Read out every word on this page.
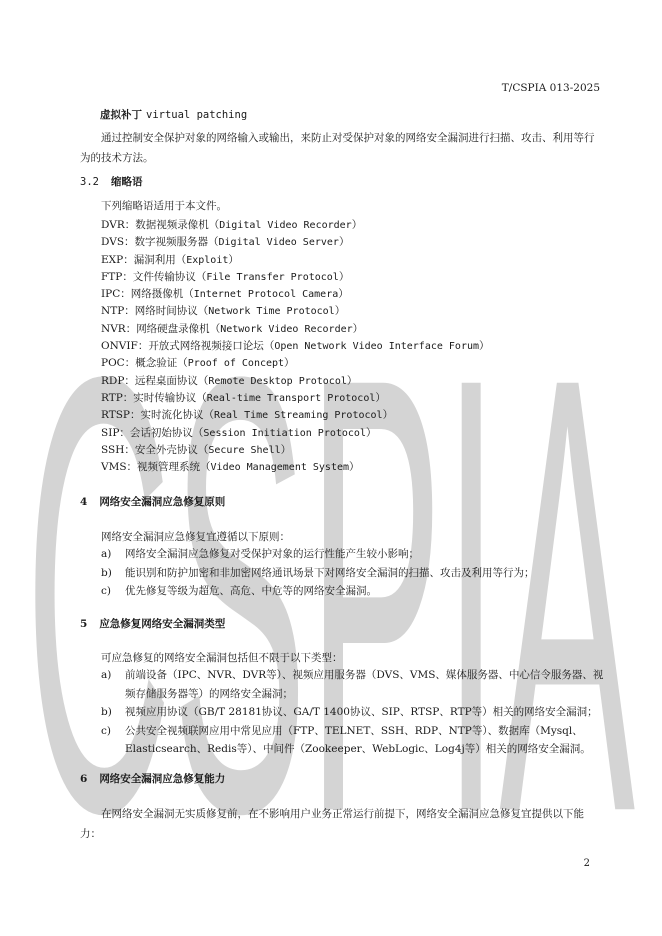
CSPIA
T/CSPIA 013-2025
虚拟补丁 virtual patching
通过控制安全保护对象的网络输入或输出，来防止对受保护对象的网络安全漏洞进行扫描、攻击、利用等行为的技术方法。
3.2 缩略语
下列缩略语适用于本文件。
DVR：数据视频录像机（Digital Video Recorder）
DVS：数字视频服务器（Digital Video Server）
EXP：漏洞利用（Exploit）
FTP：文件传输协议（File Transfer Protocol）
IPC：网络摄像机（Internet Protocol Camera）
NTP：网络时间协议（Network Time Protocol）
NVR：网络硬盘录像机（Network Video Recorder）
ONVIF：开放式网络视频接口论坛（Open Network Video Interface Forum）
POC：概念验证（Proof of Concept）
RDP：远程桌面协议（Remote Desktop Protocol）
RTP：实时传输协议（Real-time Transport Protocol）
RTSP：实时流化协议（Real Time Streaming Protocol）
SIP：会话初始协议（Session Initiation Protocol）
SSH：安全外壳协议（Secure Shell）
VMS：视频管理系统（Video Management System）
4 网络安全漏洞应急修复原则
网络安全漏洞应急修复宜遵循以下原则：
a) 网络安全漏洞应急修复对受保护对象的运行性能产生较小影响；
b) 能识别和防护加密和非加密网络通讯场景下对网络安全漏洞的扫描、攻击及利用等行为；
c) 优先修复等级为超危、高危、中危等的网络安全漏洞。
5 应急修复网络安全漏洞类型
可应急修复的网络安全漏洞包括但不限于以下类型：
a) 前端设备（IPC、NVR、DVR等）、视频应用服务器（DVS、VMS、媒体服务器、中心信令服务器、视频存储服务器等）的网络安全漏洞；
b) 视频应用协议（GB/T 28181协议、GA/T 1400协议、SIP、RTSP、RTP等）相关的网络安全漏洞；
c) 公共安全视频联网应用中常见应用（FTP、TELNET、SSH、RDP、NTP等）、数据库（Mysql、Elasticsearch、Redis等）、中间件（Zookeeper、WebLogic、Log4j等）相关的网络安全漏洞。
6 网络安全漏洞应急修复能力
在网络安全漏洞无实质修复前，在不影响用户业务正常运行前提下，网络安全漏洞应急修复宜提供以下能力：
2
